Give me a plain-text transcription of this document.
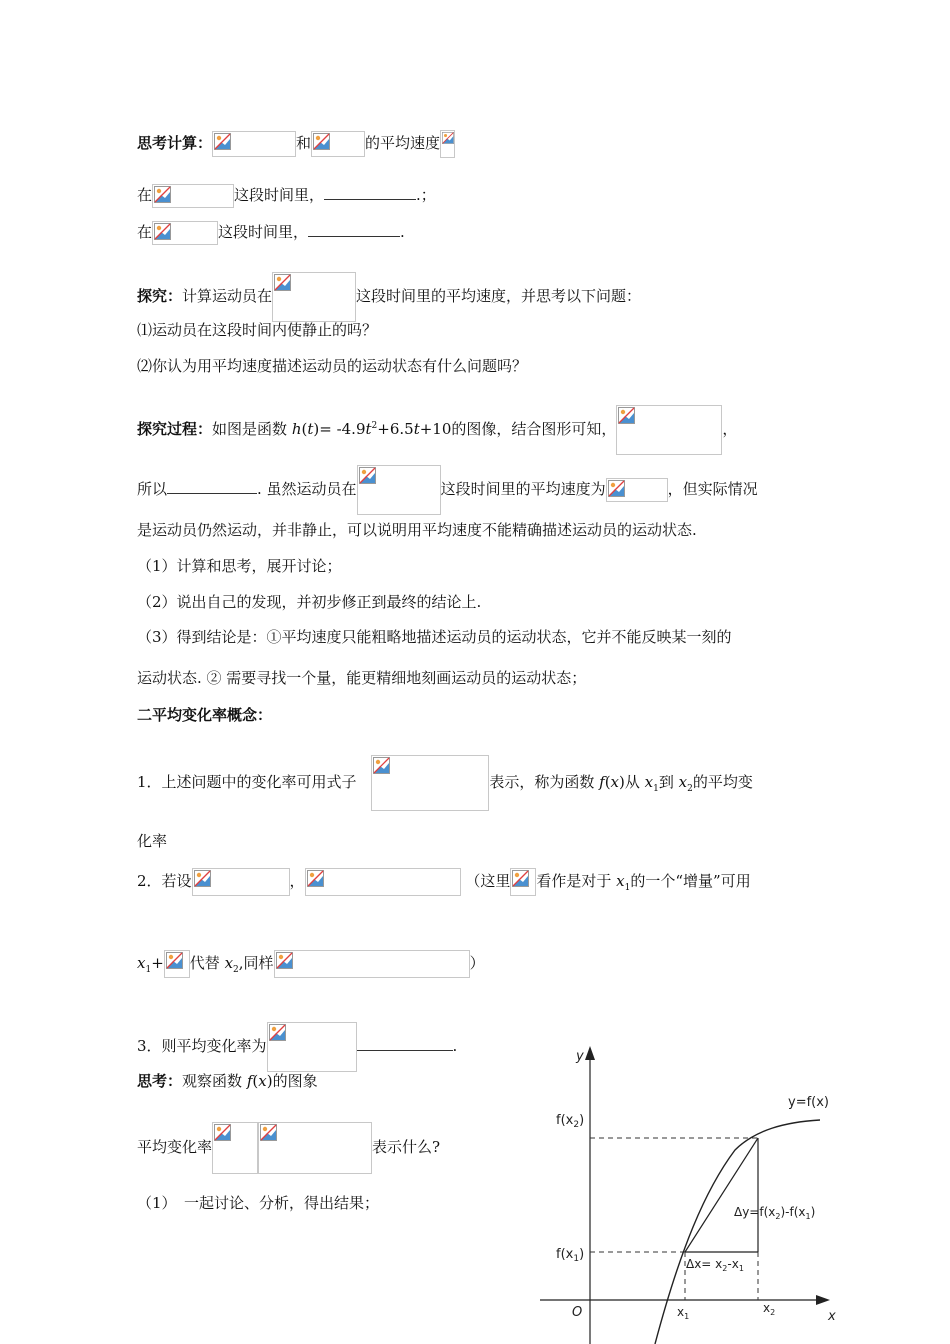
思考计算：	和	的平均速度
在	这段时间里，	.；
在	这段时间里，	.
探究：计算运动员在	这段时间里的平均速度，并思考以下问题：
⑴运动员在这段时间内使静止的吗？
⑵你认为用平均速度描述运动员的运动状态有什么问题吗？
探究过程：如图是函数 $h(t)= -4.9t^2+6.5t+10$的图像，结合图形可知，	，
所以	. 虽然运动员在	这段时间里的平均速度为	，但实际情况
是运动员仍然运动，并非静止，可以说明用平均速度不能精确描述运动员的运动状态.
（1）计算和思考，展开讨论；
（2）说出自己的发现，并初步修正到最终的结论上.
（3）得到结论是：①平均速度只能粗略地描述运动员的运动状态，它并不能反映某一刻的
运动状态. ② 需要寻找一个量，能更精细地刻画运动员的运动状态；
二平均变化率概念：
1．上述问题中的变化率可用式子	表示，称为函数 f(x)从 $x_1$到 $x_2$的平均变
化率
2．若设	，	（这里 看作是对于 $x_1$的一个“增量”可用
$x_1+$ 代替 $x_2$,同样	）
3．则平均变化率为	.
思考：观察函数 f(x)的图象
平均变化率	表示什么?
（1）　一起讨论、分析，得出结果；
y
x
O
y=f(x)
$f(x_2)$
$f(x_1)$
$x_1$
$x_2$
$\Delta y=f(x_2)-f(x_1)$
$\Delta x= x_2-x_1$
